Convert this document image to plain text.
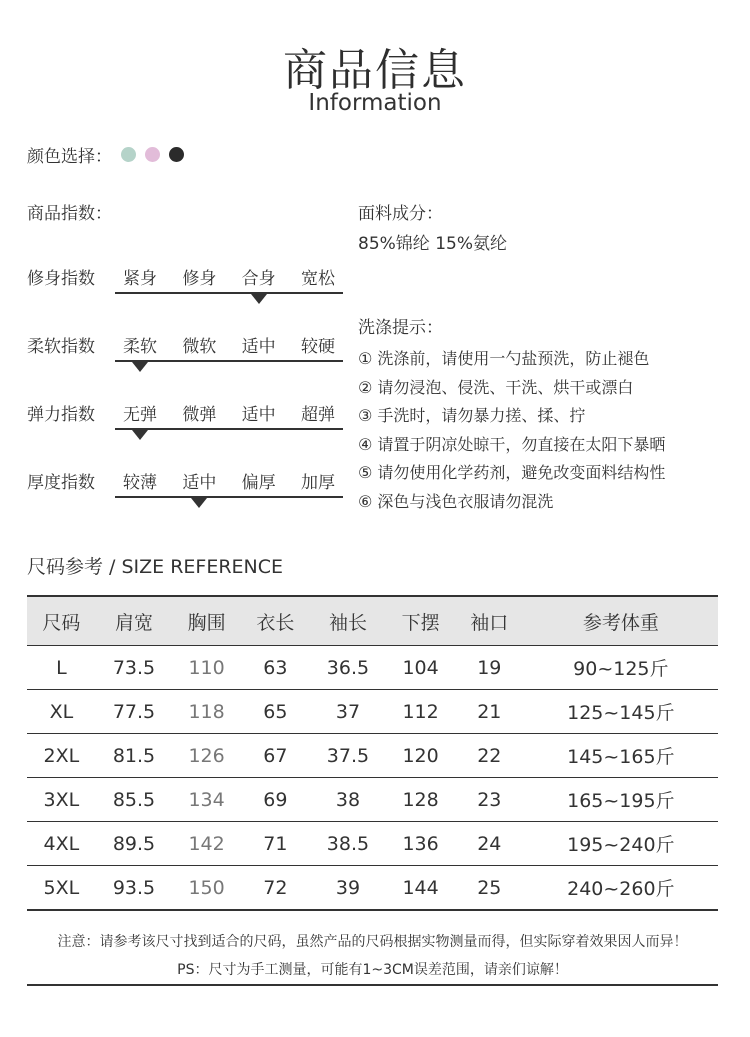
商品信息
Information
颜色选择：
商品指数：
修身指数	紧身	修身	合身	宽松
柔软指数	柔软	微软	适中	较硬
弹力指数	无弹	微弹	适中	超弹
厚度指数	较薄	适中	偏厚	加厚
面料成分：
85%锦纶 15%氨纶
洗涤提示：
① 洗涤前，请使用一勺盐预洗，防止褪色
② 请勿浸泡、侵洗、干洗、烘干或漂白
③ 手洗时，请勿暴力搓、揉、拧
④ 请置于阴凉处晾干，勿直接在太阳下暴晒
⑤ 请勿使用化学药剂，避免改变面料结构性
⑥ 深色与浅色衣服请勿混洗
尺码参考 / SIZE REFERENCE
尺码	肩宽	胸围	衣长	袖长	下摆	袖口	参考体重
L	73.5	110	63	36.5	104	19	90~125斤
XL	77.5	118	65	37	112	21	125~145斤
2XL	81.5	126	67	37.5	120	22	145~165斤
3XL	85.5	134	69	38	128	23	165~195斤
4XL	89.5	142	71	38.5	136	24	195~240斤
5XL	93.5	150	72	39	144	25	240~260斤
注意：请参考该尺寸找到适合的尺码，虽然产品的尺码根据实物测量而得，但实际穿着效果因人而异！
PS：尺寸为手工测量，可能有1~3CM误差范围，请亲们谅解！
